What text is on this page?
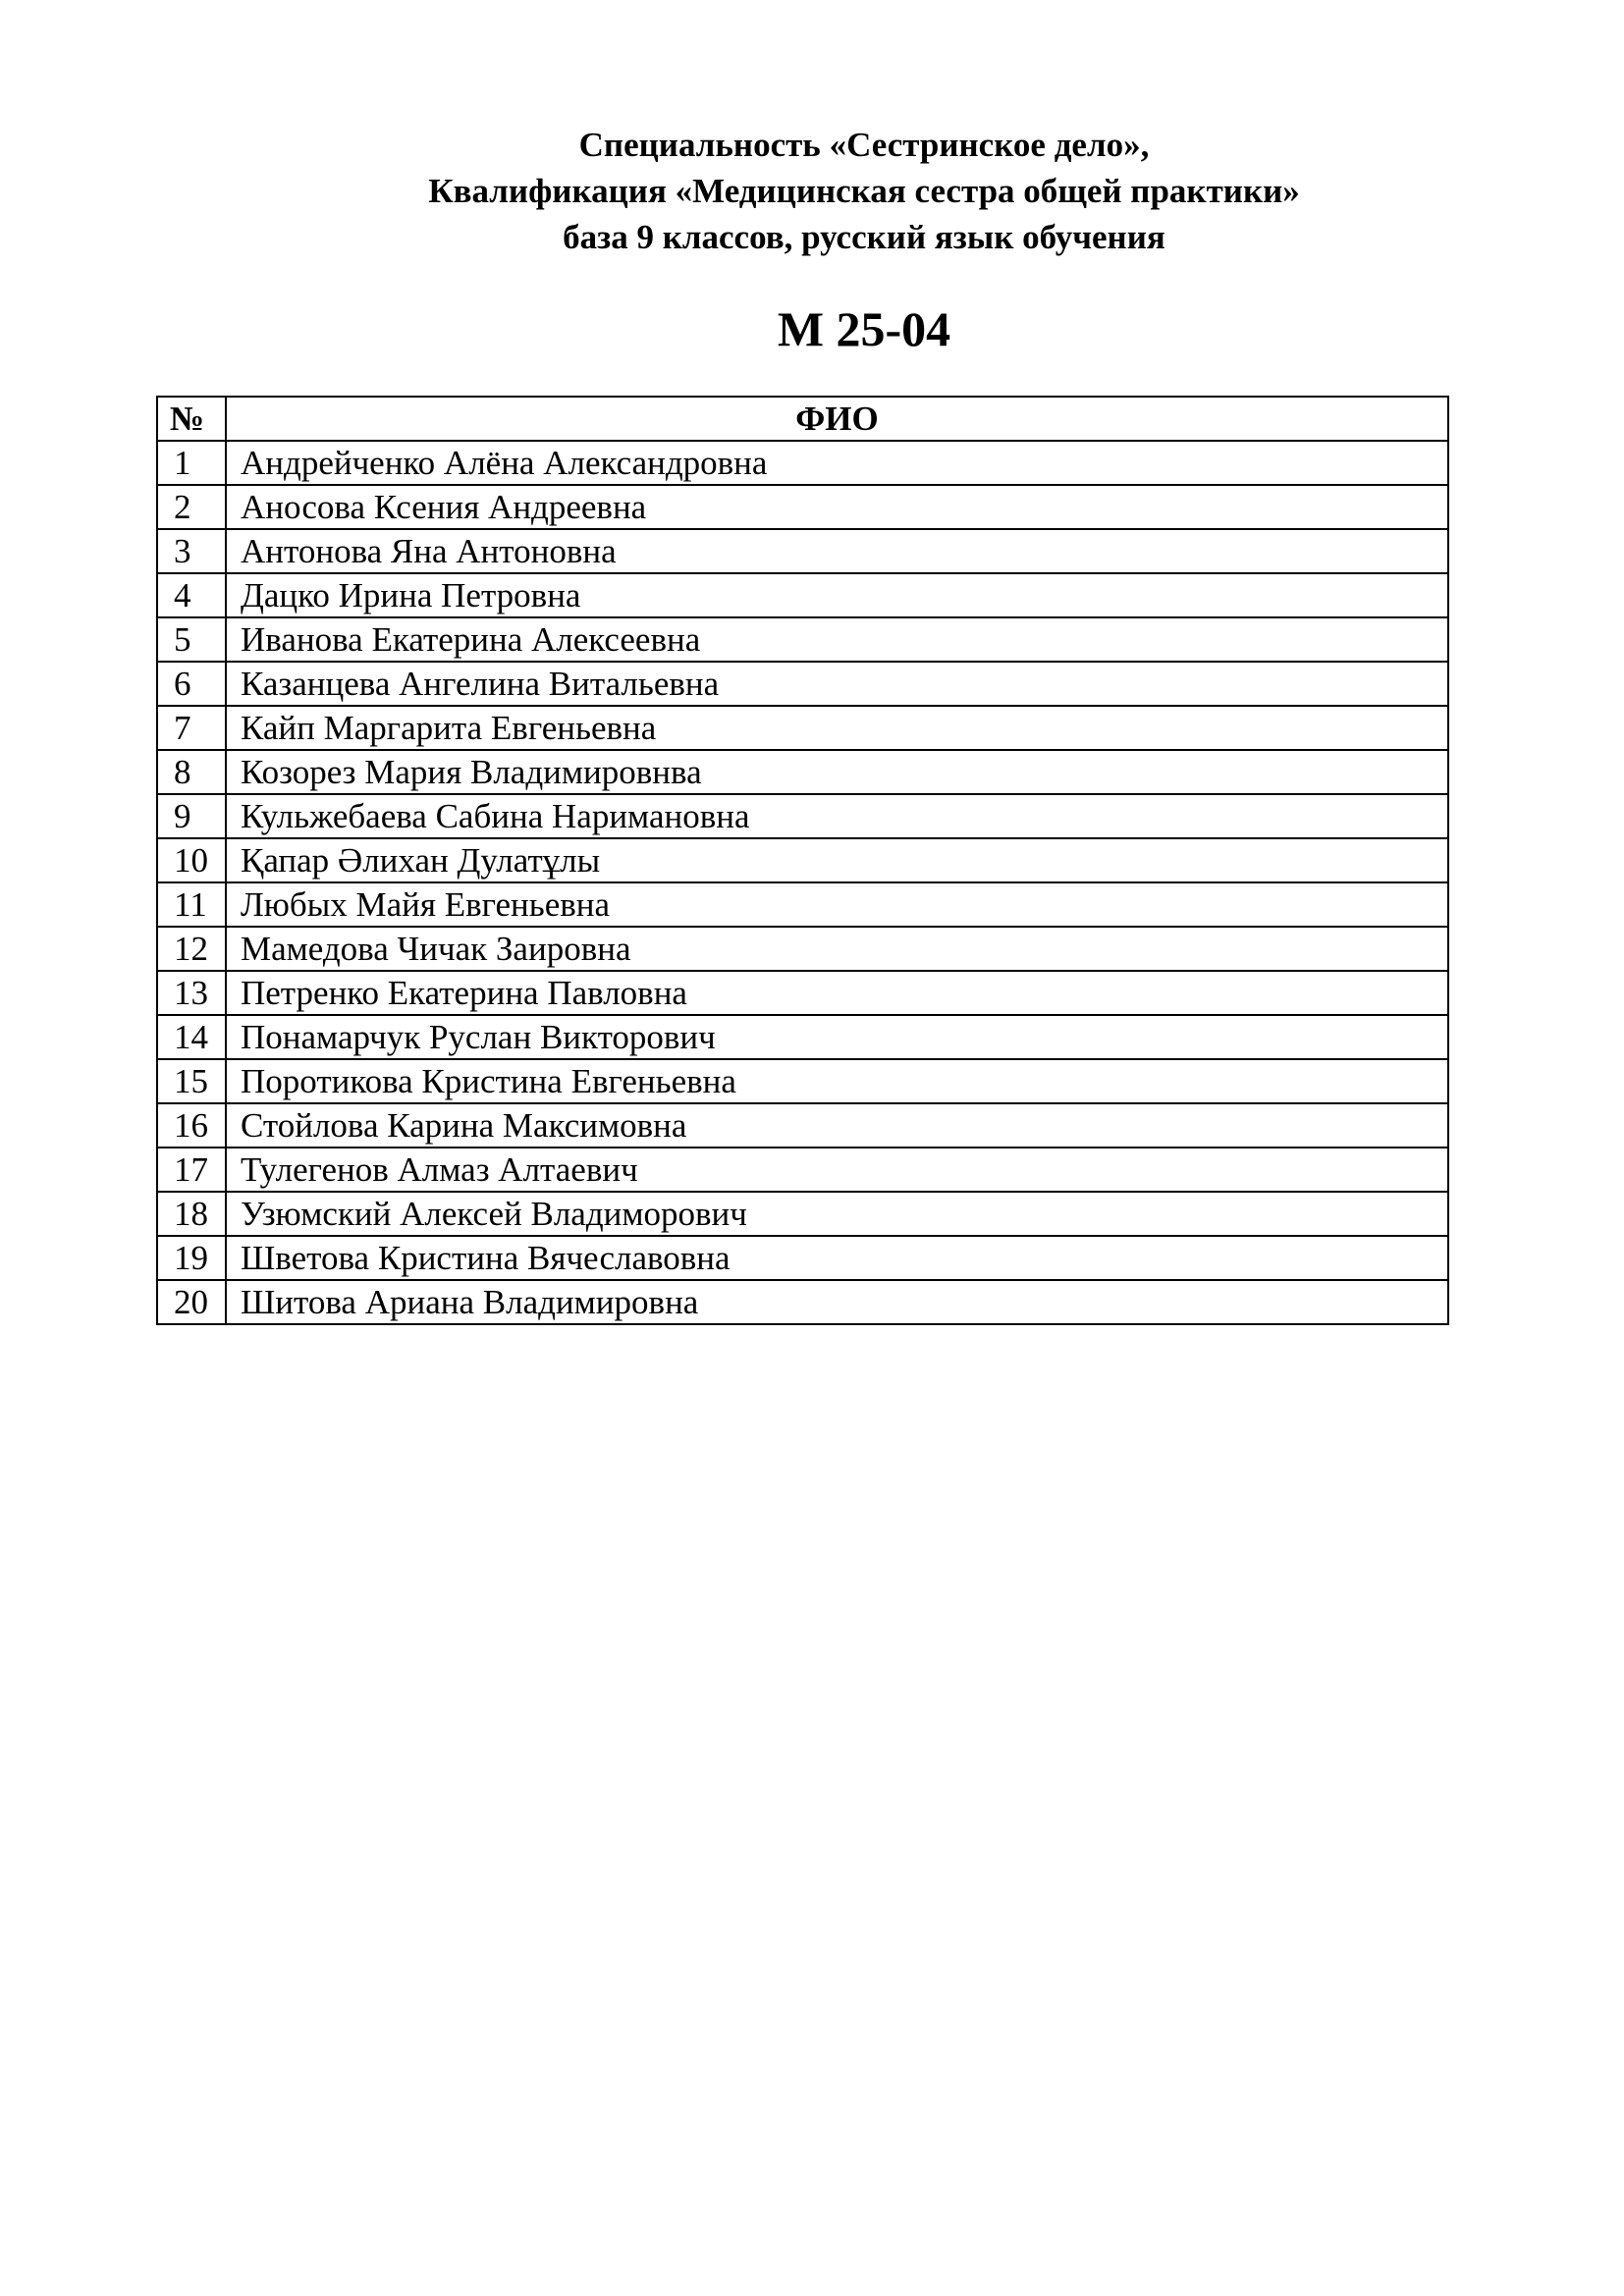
Специальность «Сестринское дело»,
Квалификация «Медицинская сестра общей практики»
база 9 классов, русский язык обучения
М 25-04
№	ФИО
1	Андрейченко Алёна Александровна
2	Аносова Ксения Андреевна
3	Антонова Яна Антоновна
4	Дацко Ирина Петровна
5	Иванова Екатерина Алексеевна
6	Казанцева Ангелина Витальевна
7	Кайп Маргарита Евгеньевна
8	Козорез Мария Владимировнва
9	Кульжебаева Сабина Наримановна
10	Қапар Әлихан Дулатұлы
11	Любых Майя Евгеньевна
12	Мамедова Чичак Заировна
13	Петренко Екатерина Павловна
14	Понамарчук Руслан Викторович
15	Поротикова Кристина Евгеньевна
16	Стойлова Карина Максимовна
17	Тулегенов Алмаз Алтаевич
18	Узюмский Алексей Владиморович
19	Шветова Кристина Вячеславовна
20	Шитова Ариана Владимировна
